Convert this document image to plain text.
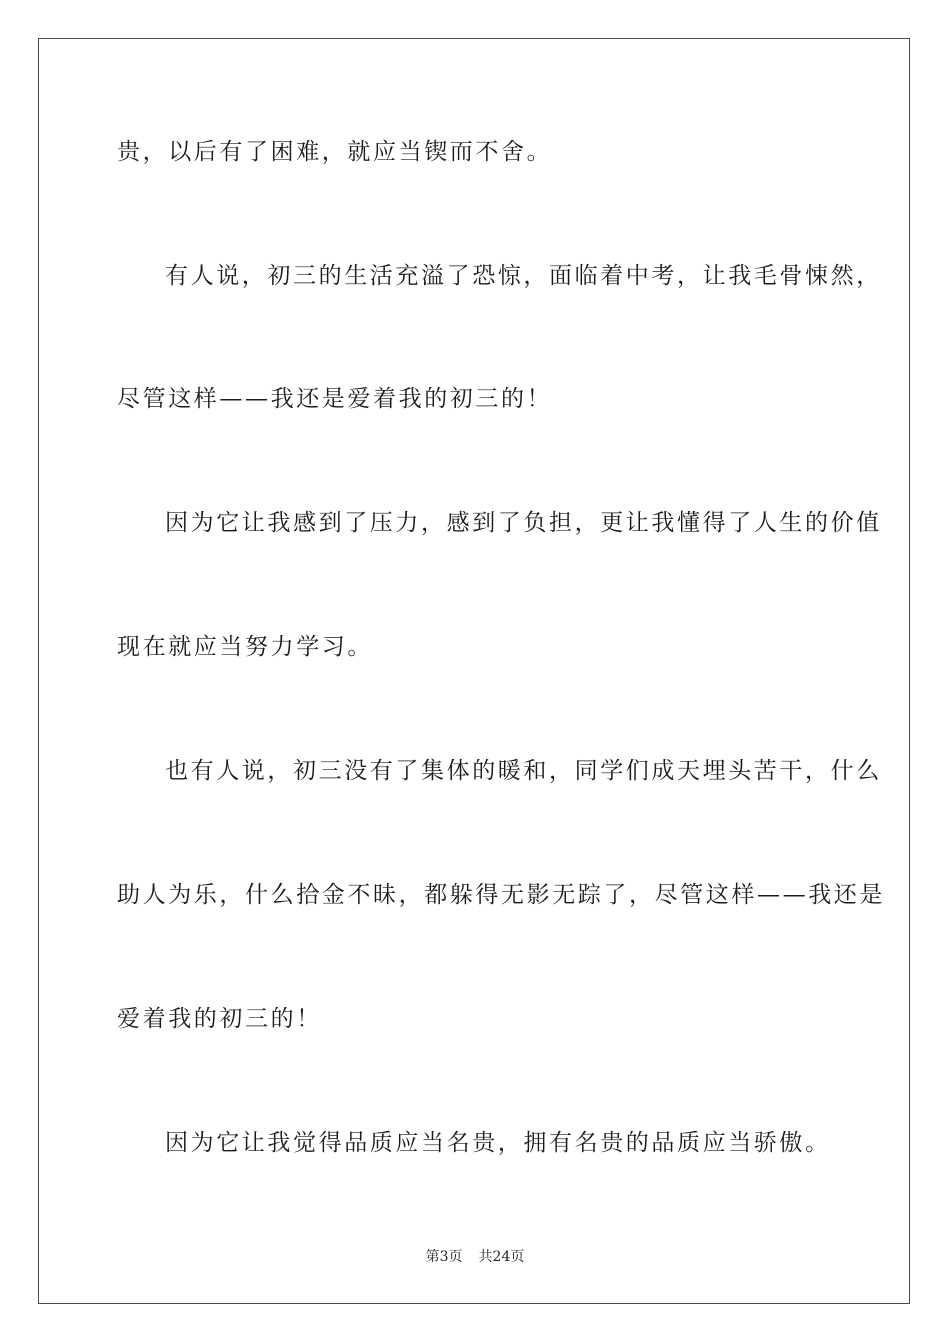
贵，以后有了困难，就应当锲而不舍。
有人说，初三的生活充溢了恐惊，面临着中考，让我毛骨悚然，
尽管这样——我还是爱着我的初三的！
因为它让我感到了压力，感到了负担，更让我懂得了人生的价值
现在就应当努力学习。
也有人说，初三没有了集体的暖和，同学们成天埋头苦干，什么
助人为乐，什么拾金不昧，都躲得无影无踪了，尽管这样——我还是
爱着我的初三的！
因为它让我觉得品质应当名贵，拥有名贵的品质应当骄傲。
第3页 共24页
